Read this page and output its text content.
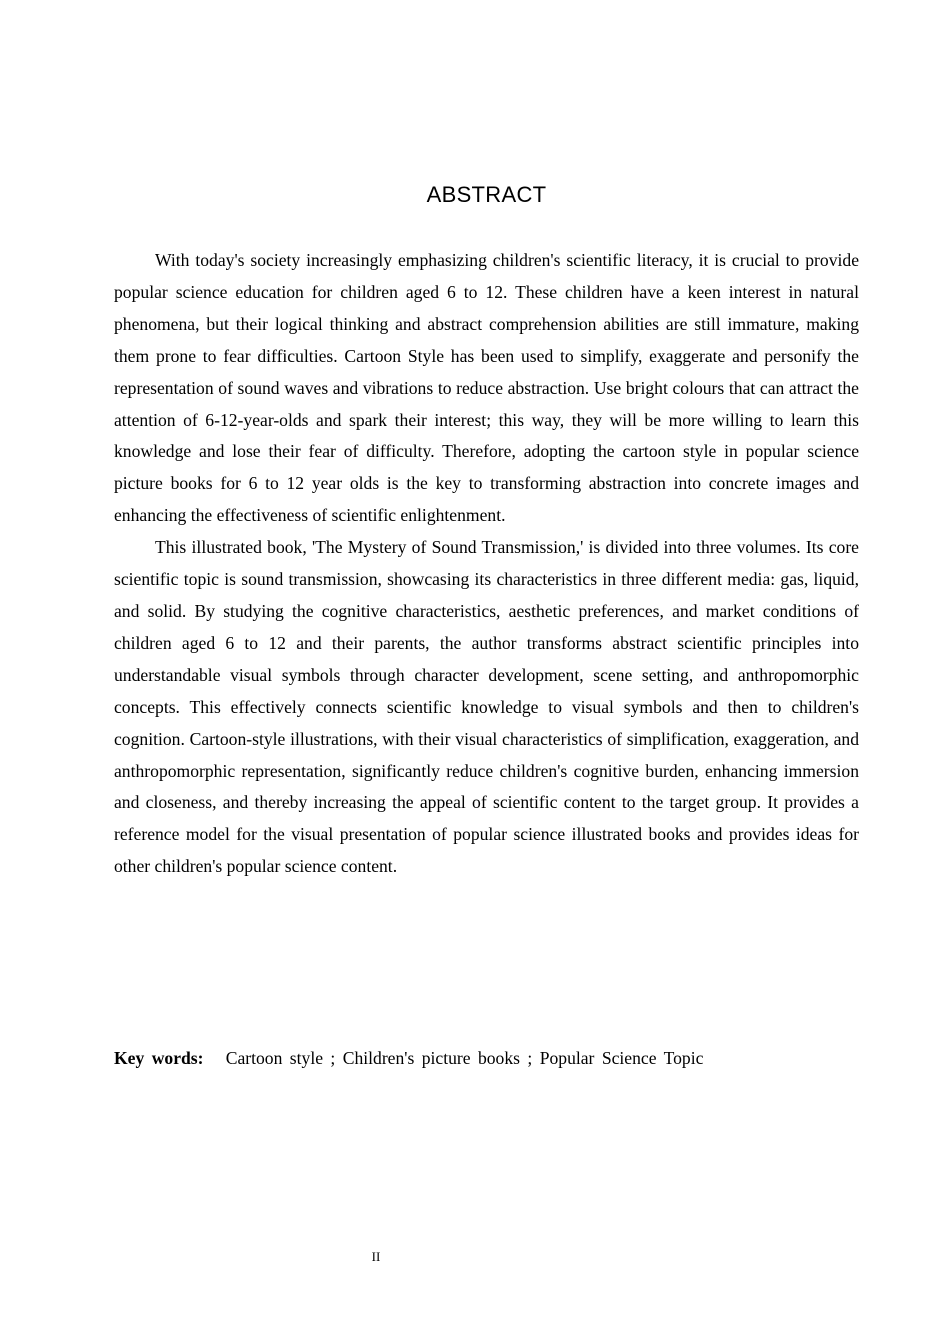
ABSTRACT

With today's society increasingly emphasizing children's scientific literacy, it is crucial to provide popular science education for children aged 6 to 12. These children have a keen interest in natural phenomena, but their logical thinking and abstract comprehension abilities are still immature, making them prone to fear difficulties. Cartoon Style has been used to simplify, exaggerate and personify the representation of sound waves and vibrations to reduce abstraction. Use bright colours that can attract the attention of 6-12-year-olds and spark their interest; this way, they will be more willing to learn this knowledge and lose their fear of difficulty. Therefore, adopting the cartoon style in popular science picture books for 6 to 12 year olds is the key to transforming abstraction into concrete images and enhancing the effectiveness of scientific enlightenment.

This illustrated book, 'The Mystery of Sound Transmission,' is divided into three volumes. Its core scientific topic is sound transmission, showcasing its characteristics in three different media: gas, liquid, and solid. By studying the cognitive characteristics, aesthetic preferences, and market conditions of children aged 6 to 12 and their parents, the author transforms abstract scientific principles into understandable visual symbols through character development, scene setting, and anthropomorphic concepts. This effectively connects scientific knowledge to visual symbols and then to children's cognition. Cartoon-style illustrations, with their visual characteristics of simplification, exaggeration, and anthropomorphic representation, significantly reduce children's cognitive burden, enhancing immersion and closeness, and thereby increasing the appeal of scientific content to the target group. It provides a reference model for the visual presentation of popular science illustrated books and provides ideas for other children's popular science content.

Key words: Cartoon style ; Children's picture books ; Popular Science Topic
II
